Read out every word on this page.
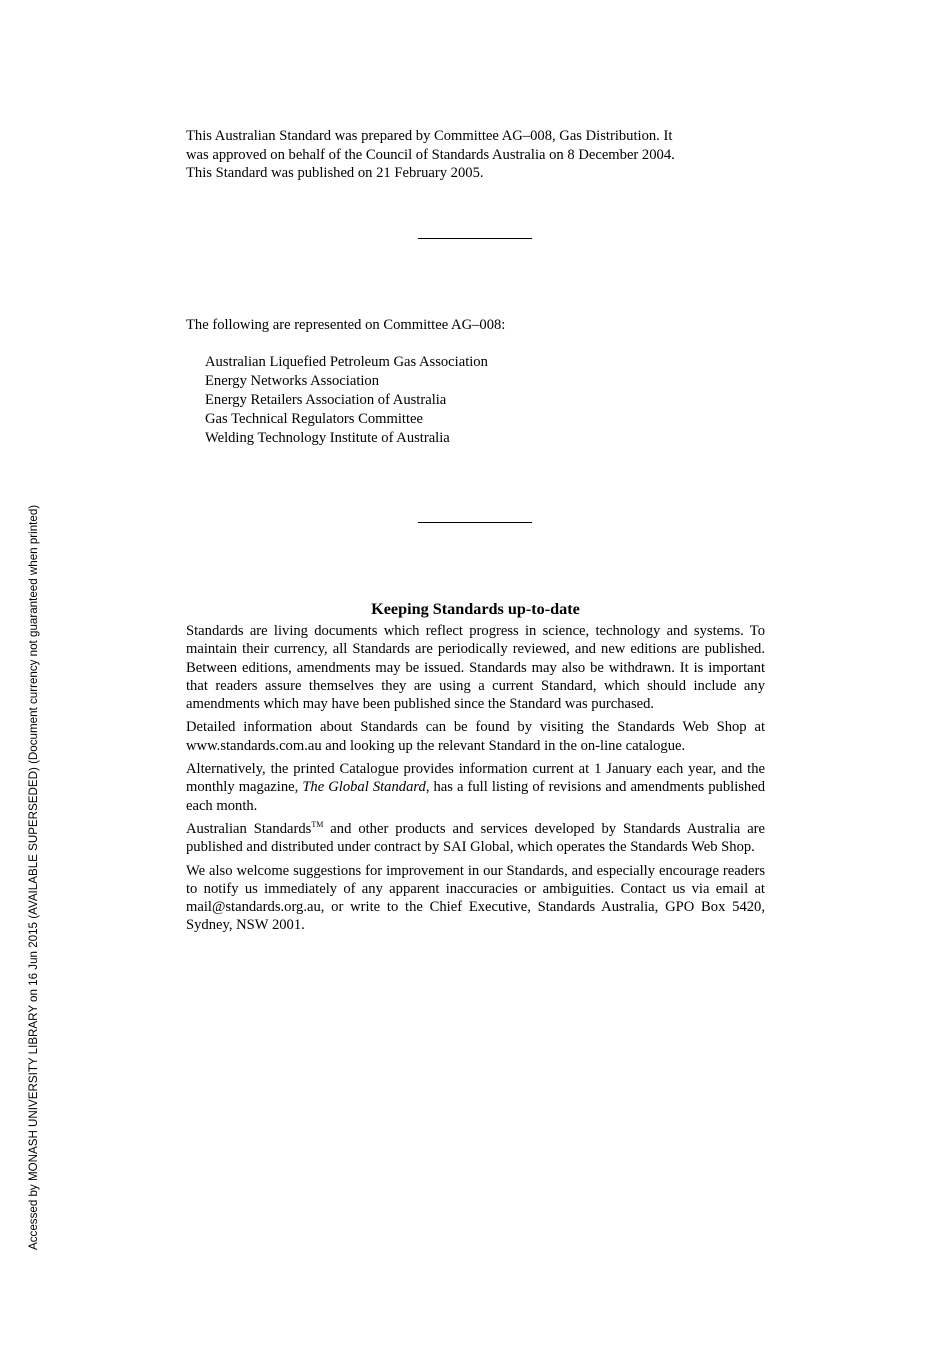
This Australian Standard was prepared by Committee AG–008, Gas Distribution. It

was approved on behalf of the Council of Standards Australia on 8 December 2004.

This Standard was published on 21 February 2005.

The following are represented on Committee AG–008:

Australian Liquefied Petroleum Gas Association
Energy Networks Association
Energy Retailers Association of Australia
Gas Technical Regulators Committee
Welding Technology Institute of Australia
Keeping Standards up-to-date

Standards are living documents which reflect progress in science, technology and systems. To maintain their currency, all Standards are periodically reviewed, and new editions are published. Between editions, amendments may be issued. Standards may also be withdrawn. It is important that readers assure themselves they are using a current Standard, which should include any amendments which may have been published since the Standard was purchased.

Detailed information about Standards can be found by visiting the Standards Web Shop at www.standards.com.au and looking up the relevant Standard in the on-line catalogue.

Alternatively, the printed Catalogue provides information current at 1 January each year, and the monthly magazine, The Global Standard, has a full listing of revisions and amendments published each month.

Australian Standards™ and other products and services developed by Standards Australia are published and distributed under contract by SAI Global, which operates the Standards Web Shop.

We also welcome suggestions for improvement in our Standards, and especially encourage readers to notify us immediately of any apparent inaccuracies or ambiguities. Contact us via email at mail@standards.org.au, or write to the Chief Executive, Standards Australia, GPO Box 5420, Sydney, NSW 2001.

Accessed by MONASH UNIVERSITY LIBRARY on 16 Jun 2015 (AVAILABLE SUPERSEDED) (Document currency not guaranteed when printed)
